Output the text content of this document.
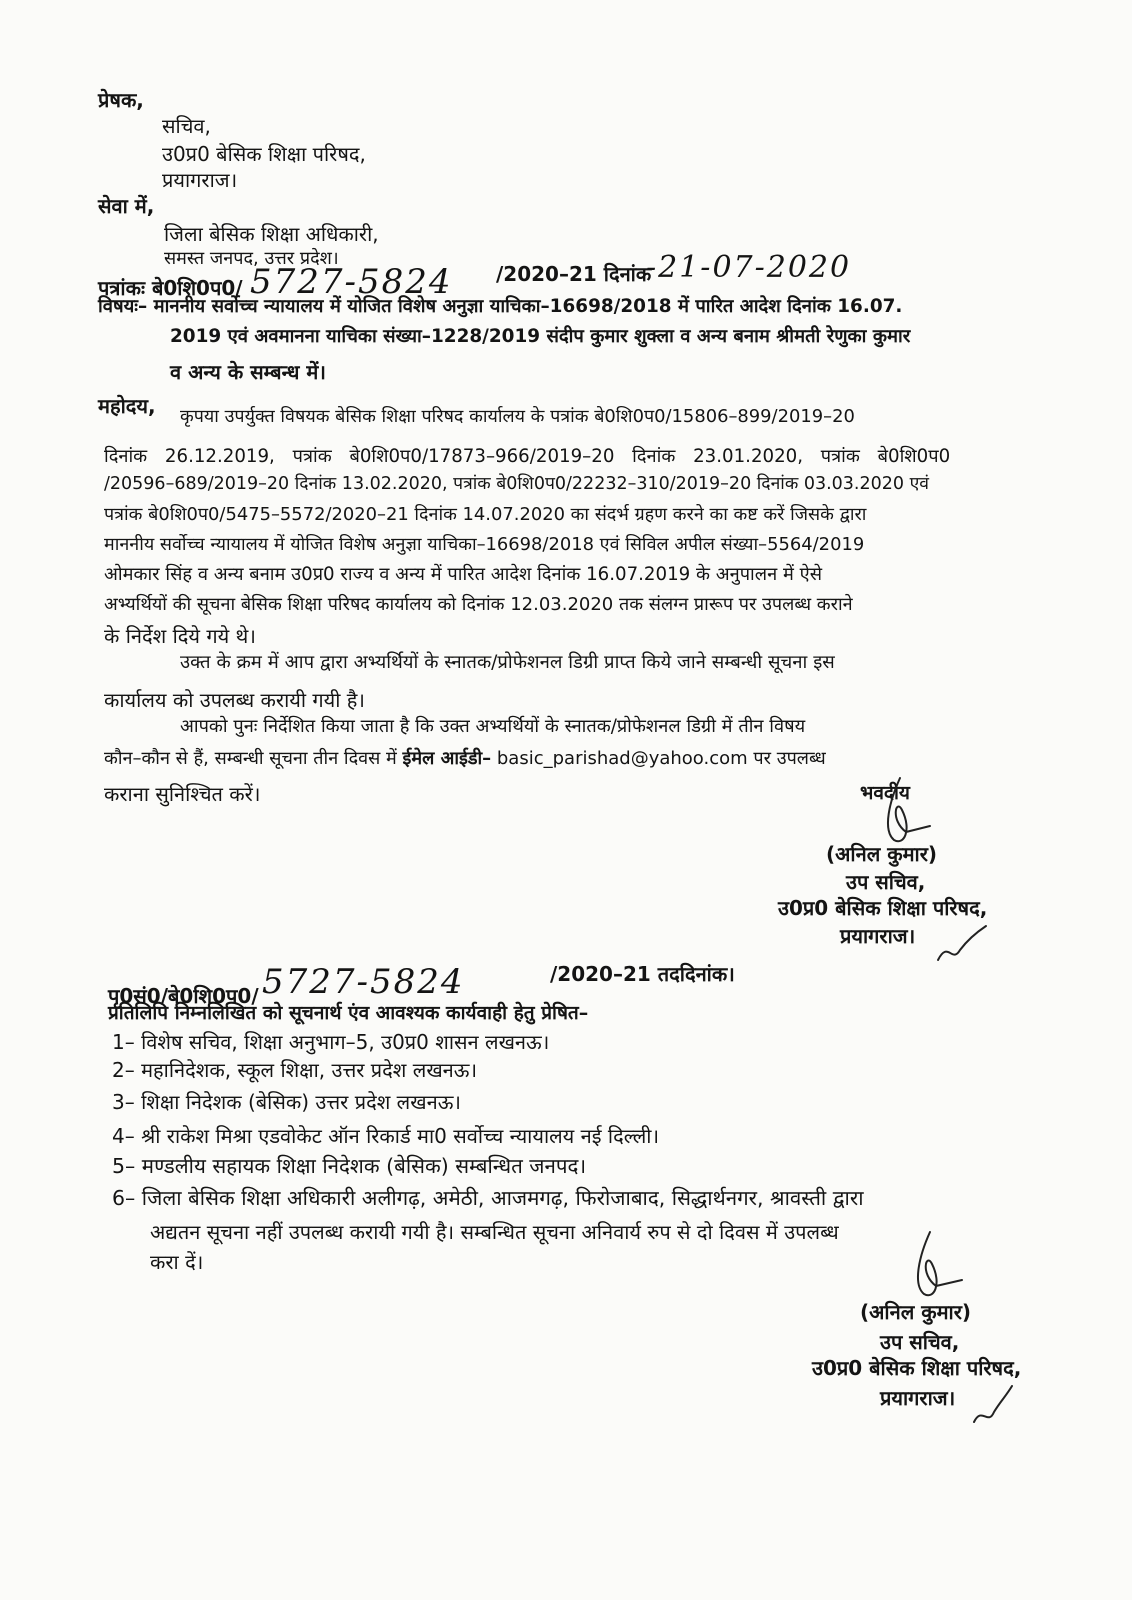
प्रेषक,
सचिव,
उ0प्र0 बेसिक शिक्षा परिषद,
प्रयागराज।
सेवा में,
जिला बेसिक शिक्षा अधिकारी,
समस्त जनपद, उत्तर प्रदेश।
पत्रांकः बे0शि0प0/ 5727-5824 /2020–21 दिनांक
-21-07-2020
विषयः– माननीय सर्वोच्च न्यायालय में योजित विशेष अनुज्ञा याचिका–16698/2018 में पारित आदेश दिनांक 16.07.
2019 एवं अवमानना याचिका संख्या–1228/2019 संदीप कुमार शुक्ला व अन्य बनाम श्रीमती रेणुका कुमार
व अन्य के सम्बन्ध में।
महोदय, कृपया उपर्युक्त विषयक बेसिक शिक्षा परिषद कार्यालय के पत्रांक बे0शि0प0/15806–899/2019–20
दिनांक 26.12.2019, पत्रांक बे0शि0प0/17873–966/2019–20 दिनांक 23.01.2020, पत्रांक बे0शि0प0
/20596–689/2019–20 दिनांक 13.02.2020, पत्रांक बे0शि0प0/22232–310/2019–20 दिनांक 03.03.2020 एवं
पत्रांक बे0शि0प0/5475–5572/2020–21 दिनांक 14.07.2020 का संदर्भ ग्रहण करने का कष्ट करें जिसके द्वारा
माननीय सर्वोच्च न्यायालय में योजित विशेष अनुज्ञा याचिका–16698/2018 एवं सिविल अपील संख्या–5564/2019
ओमकार सिंह व अन्य बनाम उ0प्र0 राज्य व अन्य में पारित आदेश दिनांक 16.07.2019 के अनुपालन में ऐसे
अभ्यर्थियों की सूचना बेसिक शिक्षा परिषद कार्यालय को दिनांक 12.03.2020 तक संलग्न प्रारूप पर उपलब्ध कराने
के निर्देश दिये गये थे।
उक्त के क्रम में आप द्वारा अभ्यर्थियों के स्नातक/प्रोफेशनल डिग्री प्राप्त किये जाने सम्बन्धी सूचना इस
कार्यालय को उपलब्ध करायी गयी है।
आपको पुनः निर्देशित किया जाता है कि उक्त अभ्यर्थियों के स्नातक/प्रोफेशनल डिग्री में तीन विषय
कौन–कौन से हैं, सम्बन्धी सूचना तीन दिवस में ईमेल आईडी– basic_parishad@yahoo.com पर उपलब्ध
कराना सुनिश्चित करें।	भवदीय
(अनिल कुमार)
उप सचिव,
उ0प्र0 बेसिक शिक्षा परिषद,
प्रयागराज।
पृ0सं0/बे0शि0प0/ 5727-5824	/2020–21 तददिनांक।
प्रतिलिपि निम्नलिखित को सूचनार्थ एंव आवश्यक कार्यवाही हेतु प्रेषित–
1– विशेष सचिव, शिक्षा अनुभाग–5, उ0प्र0 शासन लखनऊ।
2– महानिदेशक, स्कूल शिक्षा, उत्तर प्रदेश लखनऊ।
3– शिक्षा निदेशक (बेसिक) उत्तर प्रदेश लखनऊ।
4– श्री राकेश मिश्रा एडवोकेट ऑन रिकार्ड मा0 सर्वोच्च न्यायालय नई दिल्ली।
5– मण्डलीय सहायक शिक्षा निदेशक (बेसिक) सम्बन्धित जनपद।
6– जिला बेसिक शिक्षा अधिकारी अलीगढ़, अमेठी, आजमगढ़, फिरोजाबाद, सिद्धार्थनगर, श्रावस्ती द्वारा
अद्यतन सूचना नहीं उपलब्ध करायी गयी है। सम्बन्धित सूचना अनिवार्य रुप से दो दिवस में उपलब्ध
करा दें।
(अनिल कुमार)
उप सचिव,
उ0प्र0 बेसिक शिक्षा परिषद,
प्रयागराज।
